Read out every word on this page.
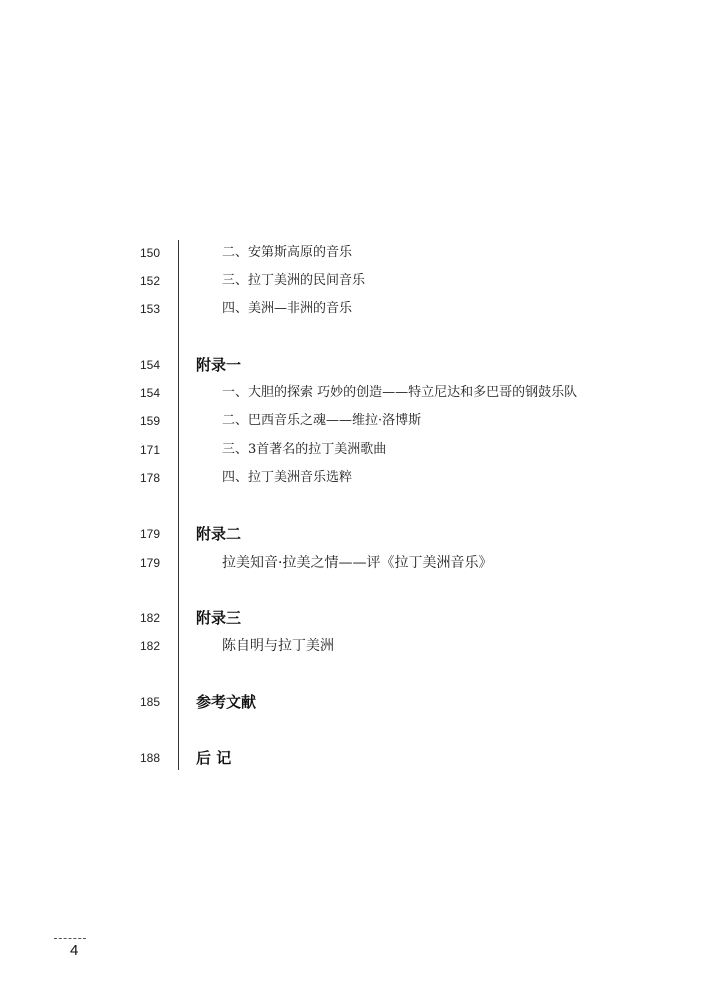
150	二、安第斯高原的音乐
152	三、拉丁美洲的民间音乐
153	四、美洲—非洲的音乐
154 附录一
154	一、大胆的探索 巧妙的创造——特立尼达和多巴哥的钢鼓乐队
159	二、巴西音乐之魂——维拉·洛博斯
171	三、3首著名的拉丁美洲歌曲
178	四、拉丁美洲音乐选粹
179 附录二
179	拉美知音·拉美之情——评《拉丁美洲音乐》
182 附录三
182	陈自明与拉丁美洲
185 参考文献
188 后 记
4
